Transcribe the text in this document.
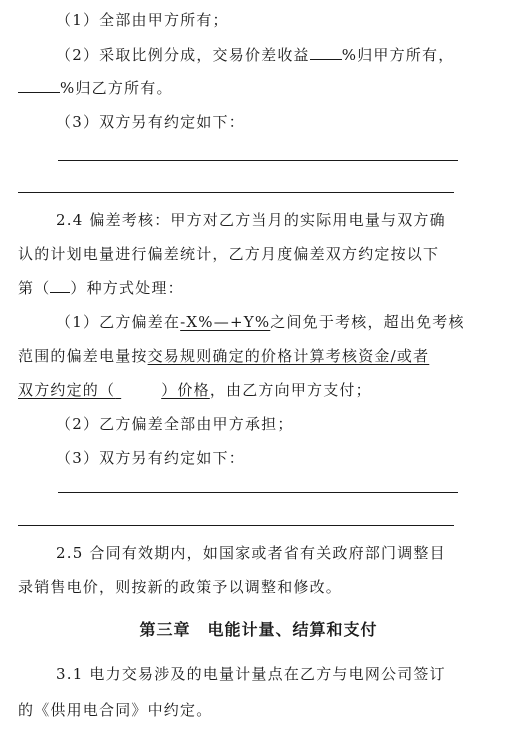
（1）全部由甲方所有；
（2）采取比例分成，交易价差收益 %归甲方所有，
%归乙方所有。
（3）双方另有约定如下：
2.4 偏差考核：甲方对乙方当月的实际用电量与双方确
认的计划电量进行偏差统计，乙方月度偏差双方约定按以下
第（ ）种方式处理：
（1）乙方偏差在-X%—+Y%之间免于考核，超出免考核
范围的偏差电量按交易规则确定的价格计算考核资金/或者
双方约定的（	）价格，由乙方向甲方支付；
（2）乙方偏差全部由甲方承担；
（3）双方另有约定如下：
2.5 合同有效期内，如国家或者省有关政府部门调整目
录销售电价，则按新的政策予以调整和修改。
第三章　电能计量、结算和支付
3.1 电力交易涉及的电量计量点在乙方与电网公司签订
的《供用电合同》中约定。
